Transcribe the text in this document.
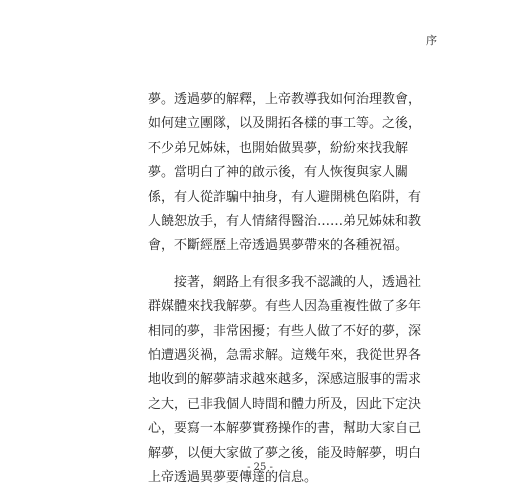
序

夢。透過夢的解釋，上帝教導我如何治理教會，
如何建立團隊，以及開拓各樣的事工等。之後，
不少弟兄姊妹，也開始做異夢，紛紛來找我解
夢。當明白了神的啟示後，有人恢復與家人關
係，有人從詐騙中抽身，有人避開桃色陷阱，有
人饒恕放手，有人情緒得醫治……弟兄姊妹和教
會，不斷經歷上帝透過異夢帶來的各種祝福。

接著，網路上有很多我不認識的人，透過社
群媒體來找我解夢。有些人因為重複性做了多年
相同的夢，非常困擾；有些人做了不好的夢，深
怕遭遇災禍，急需求解。這幾年來，我從世界各
地收到的解夢請求越來越多，深感這服事的需求
之大，已非我個人時間和體力所及，因此下定決
心，要寫一本解夢實務操作的書，幫助大家自己
解夢，以便大家做了夢之後，能及時解夢，明白
上帝透過異夢要傳達的信息。

- 25 -
